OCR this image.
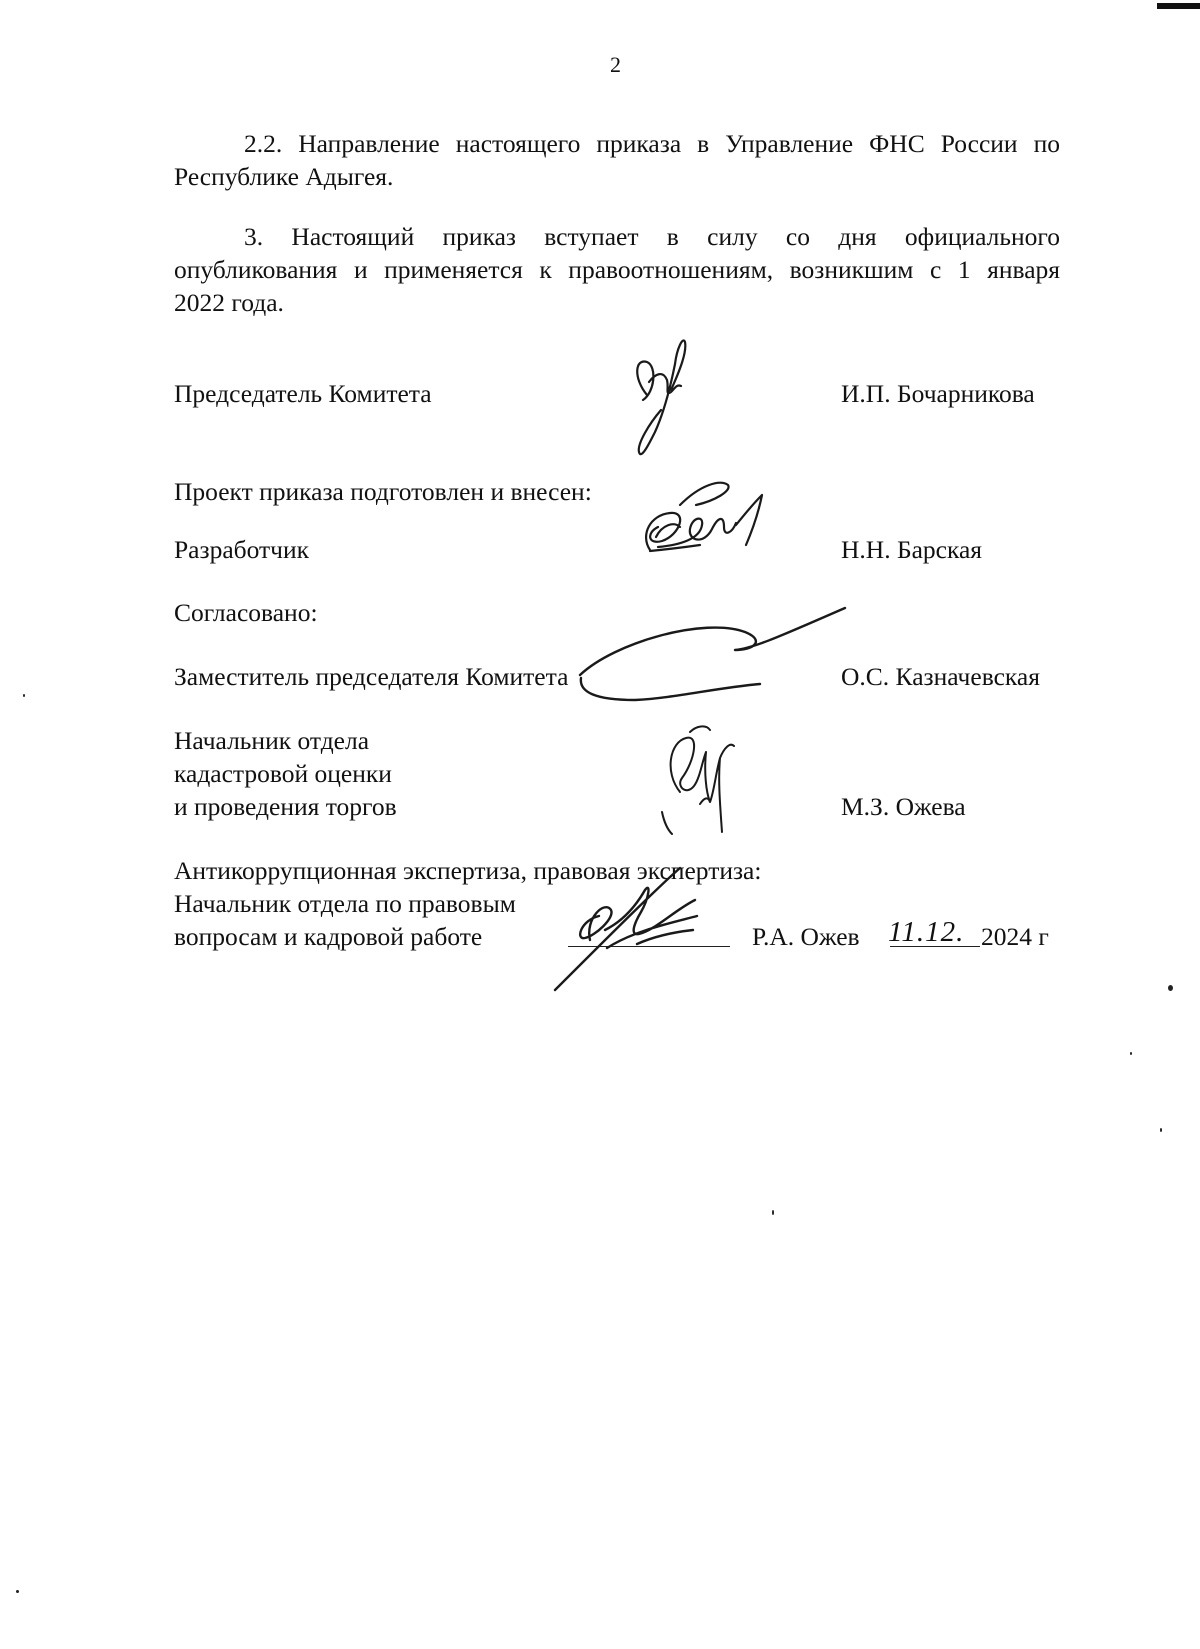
2
2.2. Направление настоящего приказа в Управление ФНС России по
Республике Адыгея.
3. Настоящий приказ вступает в силу со дня официального
опубликования и применяется к правоотношениям, возникшим с 1 января
2022 года.
Председатель Комитета	И.П. Бочарникова
Проект приказа подготовлен и внесен:
Разработчик	Н.Н. Барская
Согласовано:
Заместитель председателя Комитета	О.С. Казначевская
Начальник отдела
кадастровой оценки
и проведения торгов	М.З. Ожева
Антикоррупционная экспертиза, правовая экспертиза:
Начальник отдела по правовым
вопросам и кадровой работе	Р.А. Ожев 11.12. 2024 г
